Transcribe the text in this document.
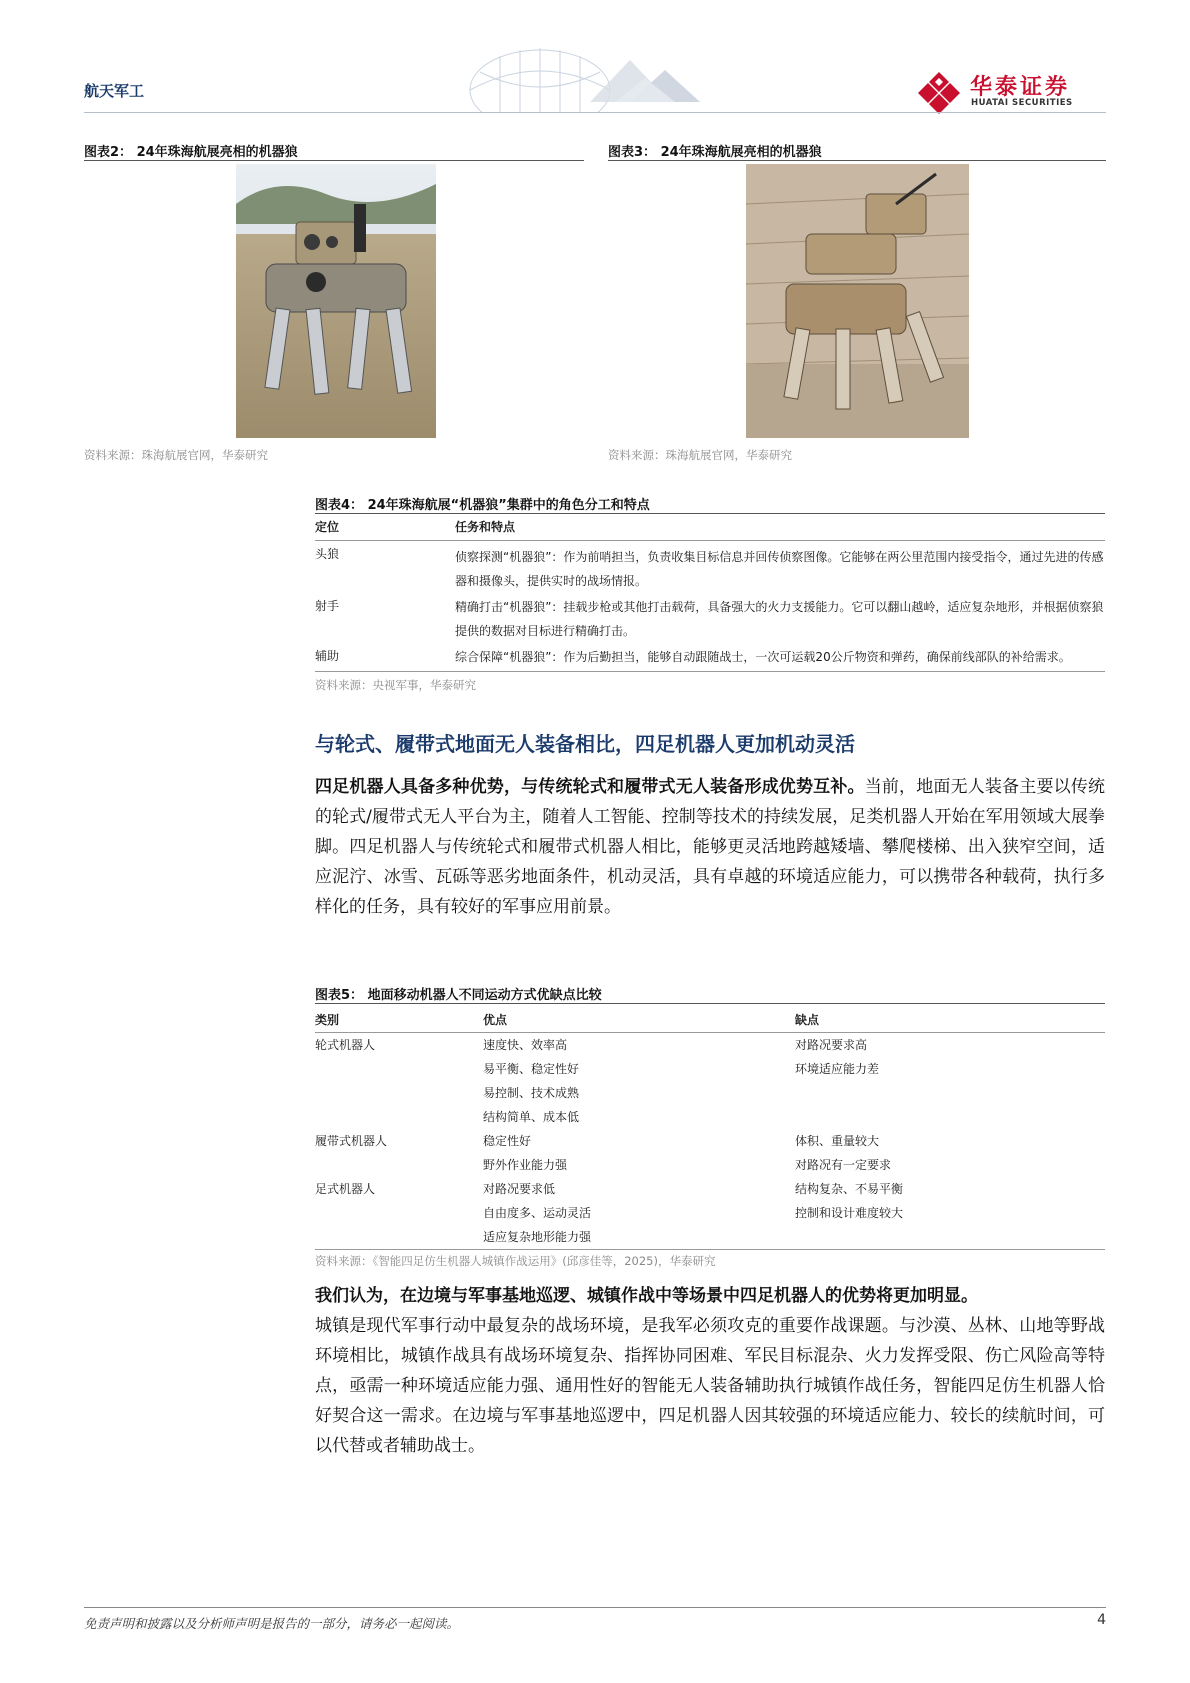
航天军工	华泰证券
HUATAI SECURITIES
图表2： 24年珠海航展亮相的机器狼
资料来源：珠海航展官网，华泰研究
图表3： 24年珠海航展亮相的机器狼
资料来源：珠海航展官网，华泰研究
图表4： 24年珠海航展“机器狼”集群中的角色分工和特点
定位	任务和特点
头狼	侦察探测“机器狼”：作为前哨担当，负责收集目标信息并回传侦察图像。它能够在两公里范围内接受指令，通过先进的传感器和摄像头，提供实时的战场情报。
射手	精确打击“机器狼”：挂载步枪或其他打击载荷，具备强大的火力支援能力。它可以翻山越岭，适应复杂地形，并根据侦察狼提供的数据对目标进行精确打击。
辅助	综合保障“机器狼”：作为后勤担当，能够自动跟随战士，一次可运载20公斤物资和弹药，确保前线部队的补给需求。
资料来源：央视军事，华泰研究
与轮式、履带式地面无人装备相比，四足机器人更加机动灵活
四足机器人具备多种优势，与传统轮式和履带式无人装备形成优势互补。当前，地面无人装备主要以传统的轮式/履带式无人平台为主，随着人工智能、控制等技术的持续发展，足类机器人开始在军用领域大展拳脚。四足机器人与传统轮式和履带式机器人相比，能够更灵活地跨越矮墙、攀爬楼梯、出入狭窄空间，适应泥泞、冰雪、瓦砾等恶劣地面条件，机动灵活，具有卓越的环境适应能力，可以携带各种载荷，执行多样化的任务，具有较好的军事应用前景。
图表5： 地面移动机器人不同运动方式优缺点比较
类别	优点	缺点
轮式机器人	速度快、效率高	对路况要求高
	易平衡、稳定性好	环境适应能力差
	易控制、技术成熟	
	结构简单、成本低	
履带式机器人	稳定性好	体积、重量较大
	野外作业能力强	对路况有一定要求
足式机器人	对路况要求低	结构复杂、不易平衡
	自由度多、运动灵活	控制和设计难度较大
	适应复杂地形能力强	
资料来源：《智能四足仿生机器人城镇作战运用》(邱彦佳等，2025)，华泰研究
我们认为，在边境与军事基地巡逻、城镇作战中等场景中四足机器人的优势将更加明显。
城镇是现代军事行动中最复杂的战场环境，是我军必须攻克的重要作战课题。与沙漠、丛林、山地等野战环境相比，城镇作战具有战场环境复杂、指挥协同困难、军民目标混杂、火力发挥受限、伤亡风险高等特点，亟需一种环境适应能力强、通用性好的智能无人装备辅助执行城镇作战任务，智能四足仿生机器人恰好契合这一需求。在边境与军事基地巡逻中，四足机器人因其较强的环境适应能力、较长的续航时间，可以代替或者辅助战士。
免责声明和披露以及分析师声明是报告的一部分，请务必一起阅读。	4
